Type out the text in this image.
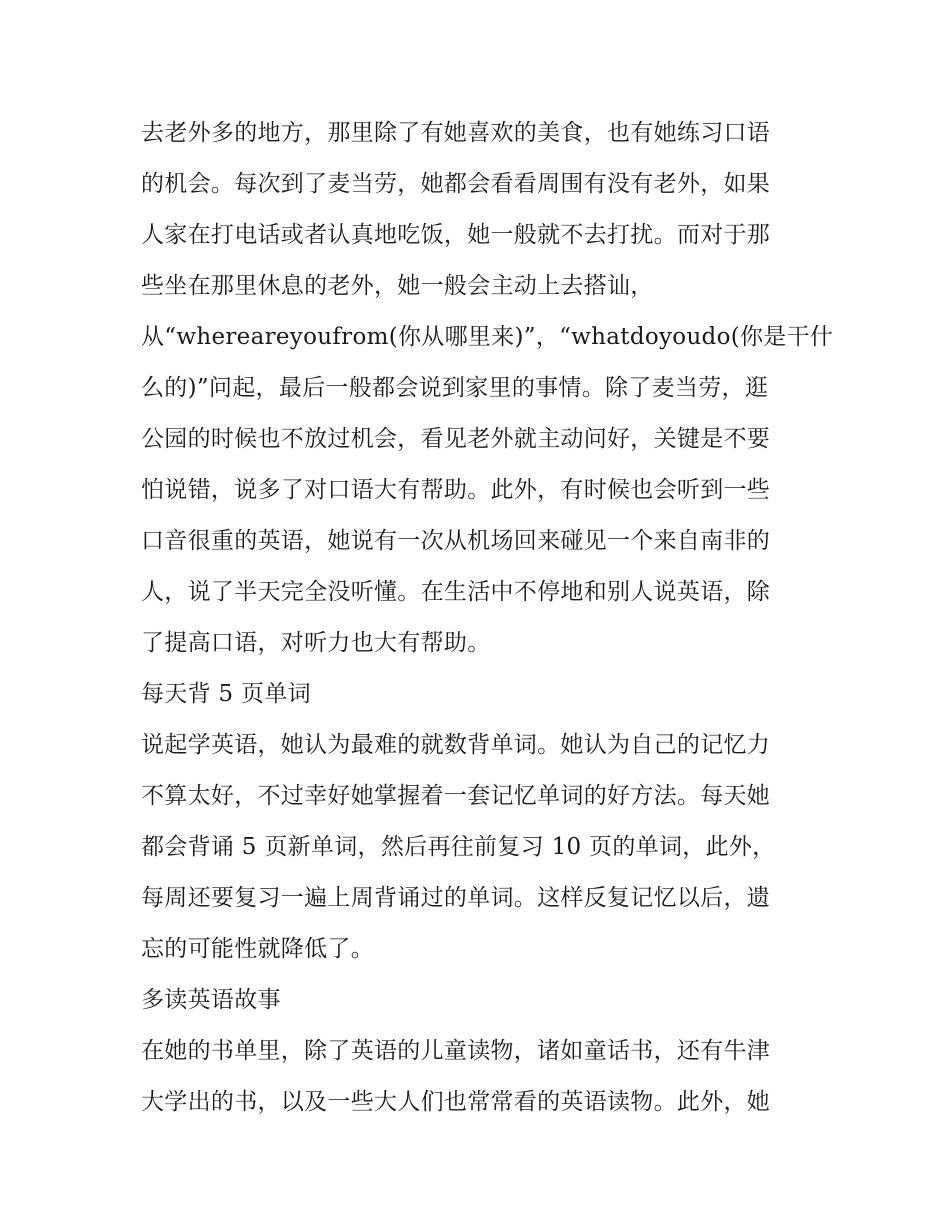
去老外多的地方，那里除了有她喜欢的美食，也有她练习口语
的机会。每次到了麦当劳，她都会看看周围有没有老外，如果
人家在打电话或者认真地吃饭，她一般就不去打扰。而对于那
些坐在那里休息的老外，她一般会主动上去搭讪，
从“whereareyoufrom(你从哪里来)”，“whatdoyoudo(你是干什
么的)”问起，最后一般都会说到家里的事情。除了麦当劳，逛
公园的时候也不放过机会，看见老外就主动问好，关键是不要
怕说错，说多了对口语大有帮助。此外，有时候也会听到一些
口音很重的英语，她说有一次从机场回来碰见一个来自南非的
人，说了半天完全没听懂。在生活中不停地和别人说英语，除
了提高口语，对听力也大有帮助。
每天背 5 页单词
说起学英语，她认为最难的就数背单词。她认为自己的记忆力
不算太好，不过幸好她掌握着一套记忆单词的好方法。每天她
都会背诵 5 页新单词，然后再往前复习 10 页的单词，此外，
每周还要复习一遍上周背诵过的单词。这样反复记忆以后，遗
忘的可能性就降低了。
多读英语故事
在她的书单里，除了英语的儿童读物，诸如童话书，还有牛津
大学出的书，以及一些大人们也常常看的英语读物。此外，她
